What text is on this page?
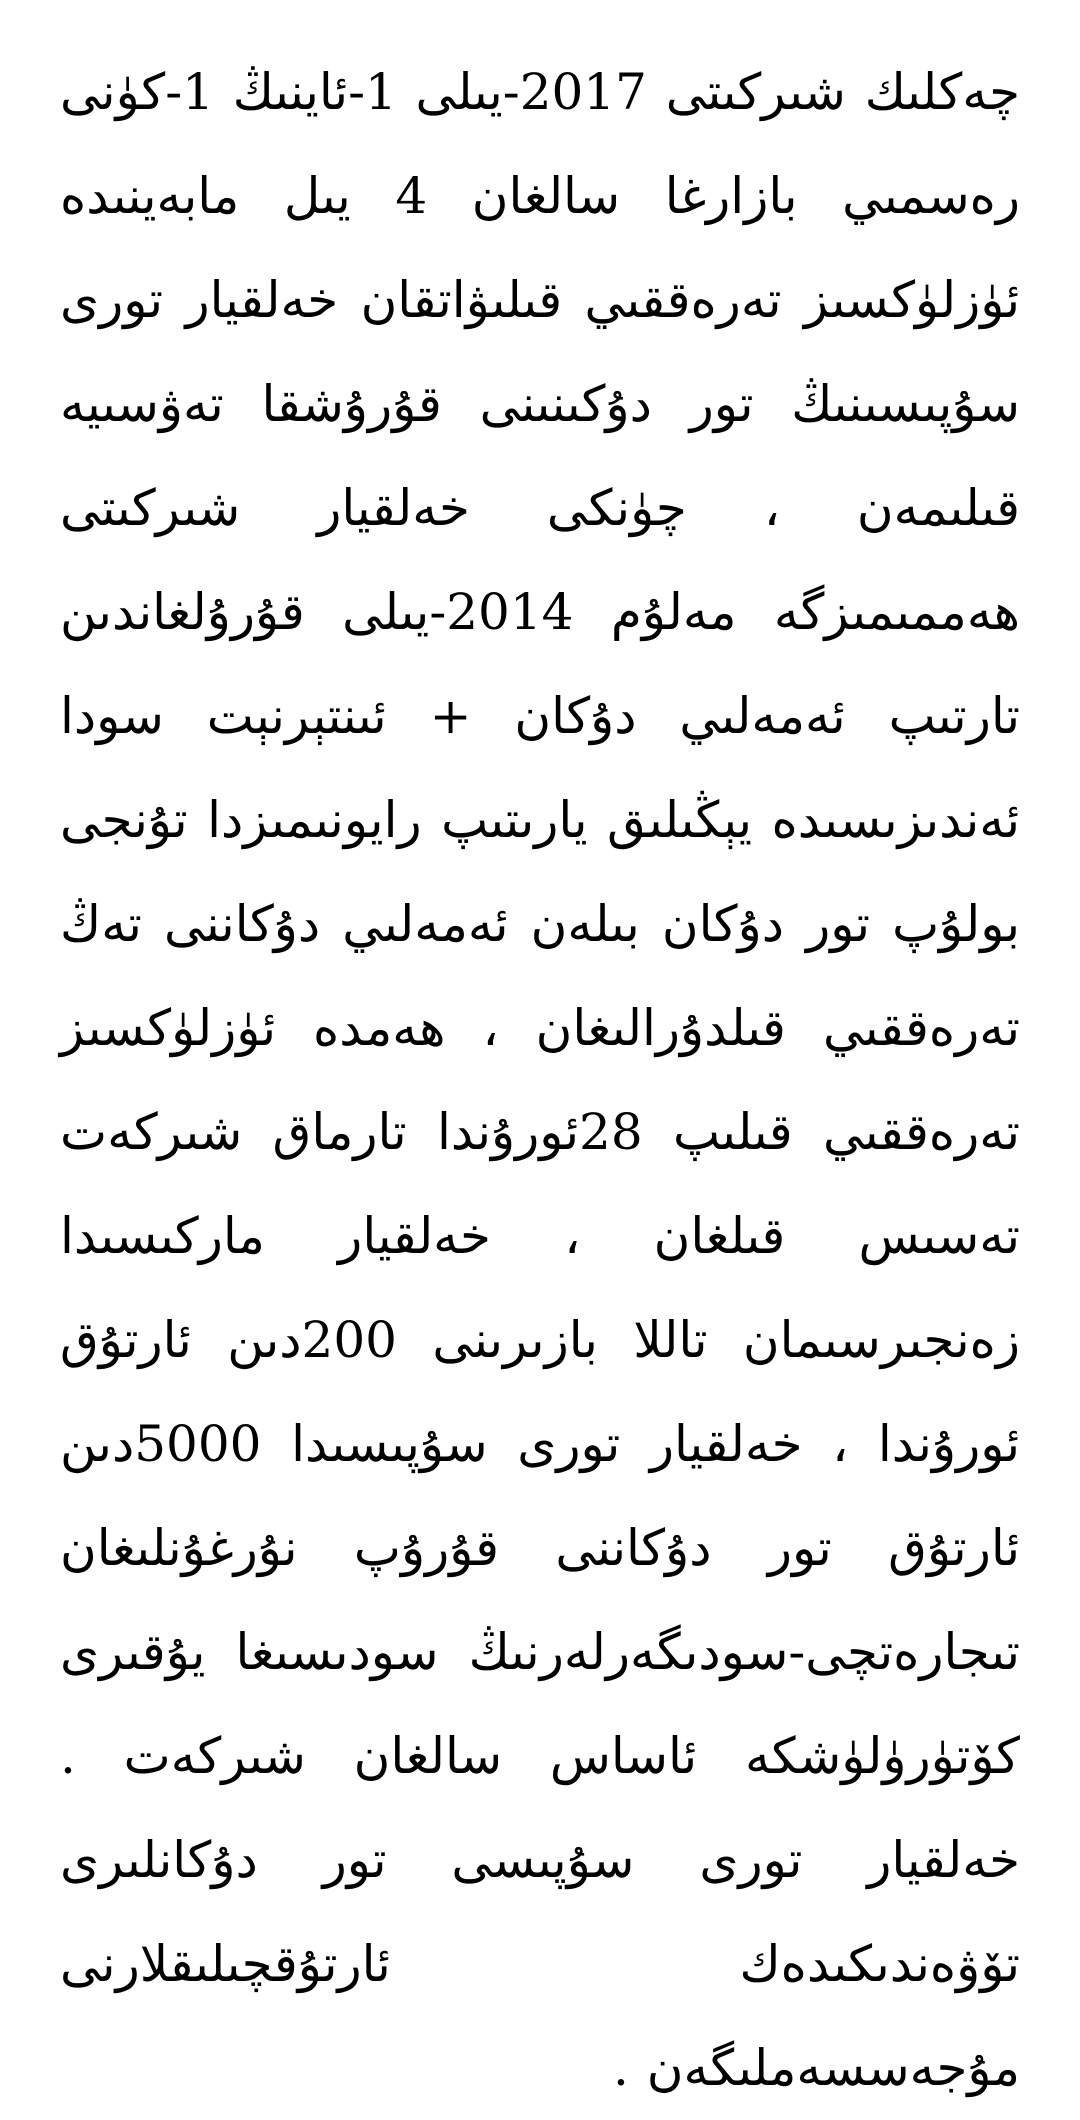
چەكلىك شىركىتى 2017-يىلى 1-ئاينىڭ 1-كۈنى رەسمىي بازارغا سالغان 4 يىل مابەينىدە ئۈزلۈكسىز تەرەققىي قىلىۋاتقان خەلقيار تورى سۇپىسىنىڭ تور دۇكىنىنى قۇرۇشقا تەۋسىيە قىلىمەن ، چۈنكى خەلقيار شىركىتى ھەممىمىزگە مەلۇم 2014-يىلى قۇرۇلغاندىن تارتىپ ئەمەلىي دۇكان + ئىنتېرنېت سودا ئەندىزىسىدە يېڭىلىق يارىتىپ رايونىمىزدا تۇنجى بولۇپ تور دۇكان بىلەن ئەمەلىي دۇكاننى تەڭ تەرەققىي قىلدۇرالىغان ، ھەمدە ئۈزلۈكسىز تەرەققىي قىلىپ 28ئورۇندا تارماق شىركەت تەسىس قىلغان ، خەلقيار ماركىسىدا زەنجىرسىمان تاللا بازىرىنى 200دىن ئارتۇق ئورۇندا ، خەلقيار تورى سۇپىسىدا 5000دىن ئارتۇق تور دۇكاننى قۇرۇپ نۇرغۇنلىغان تىجارەتچى-سودىگەرلەرنىڭ سودىسىغا يۇقىرى كۆتۈرۈلۈشكە ئاساس سالغان شىركەت . خەلقيار تورى سۇپىسى تور دۇكانلىرى تۆۋەندىكىدەك ئارتۇقچىلىقلارنى مۇجەسسەملىگەن .
